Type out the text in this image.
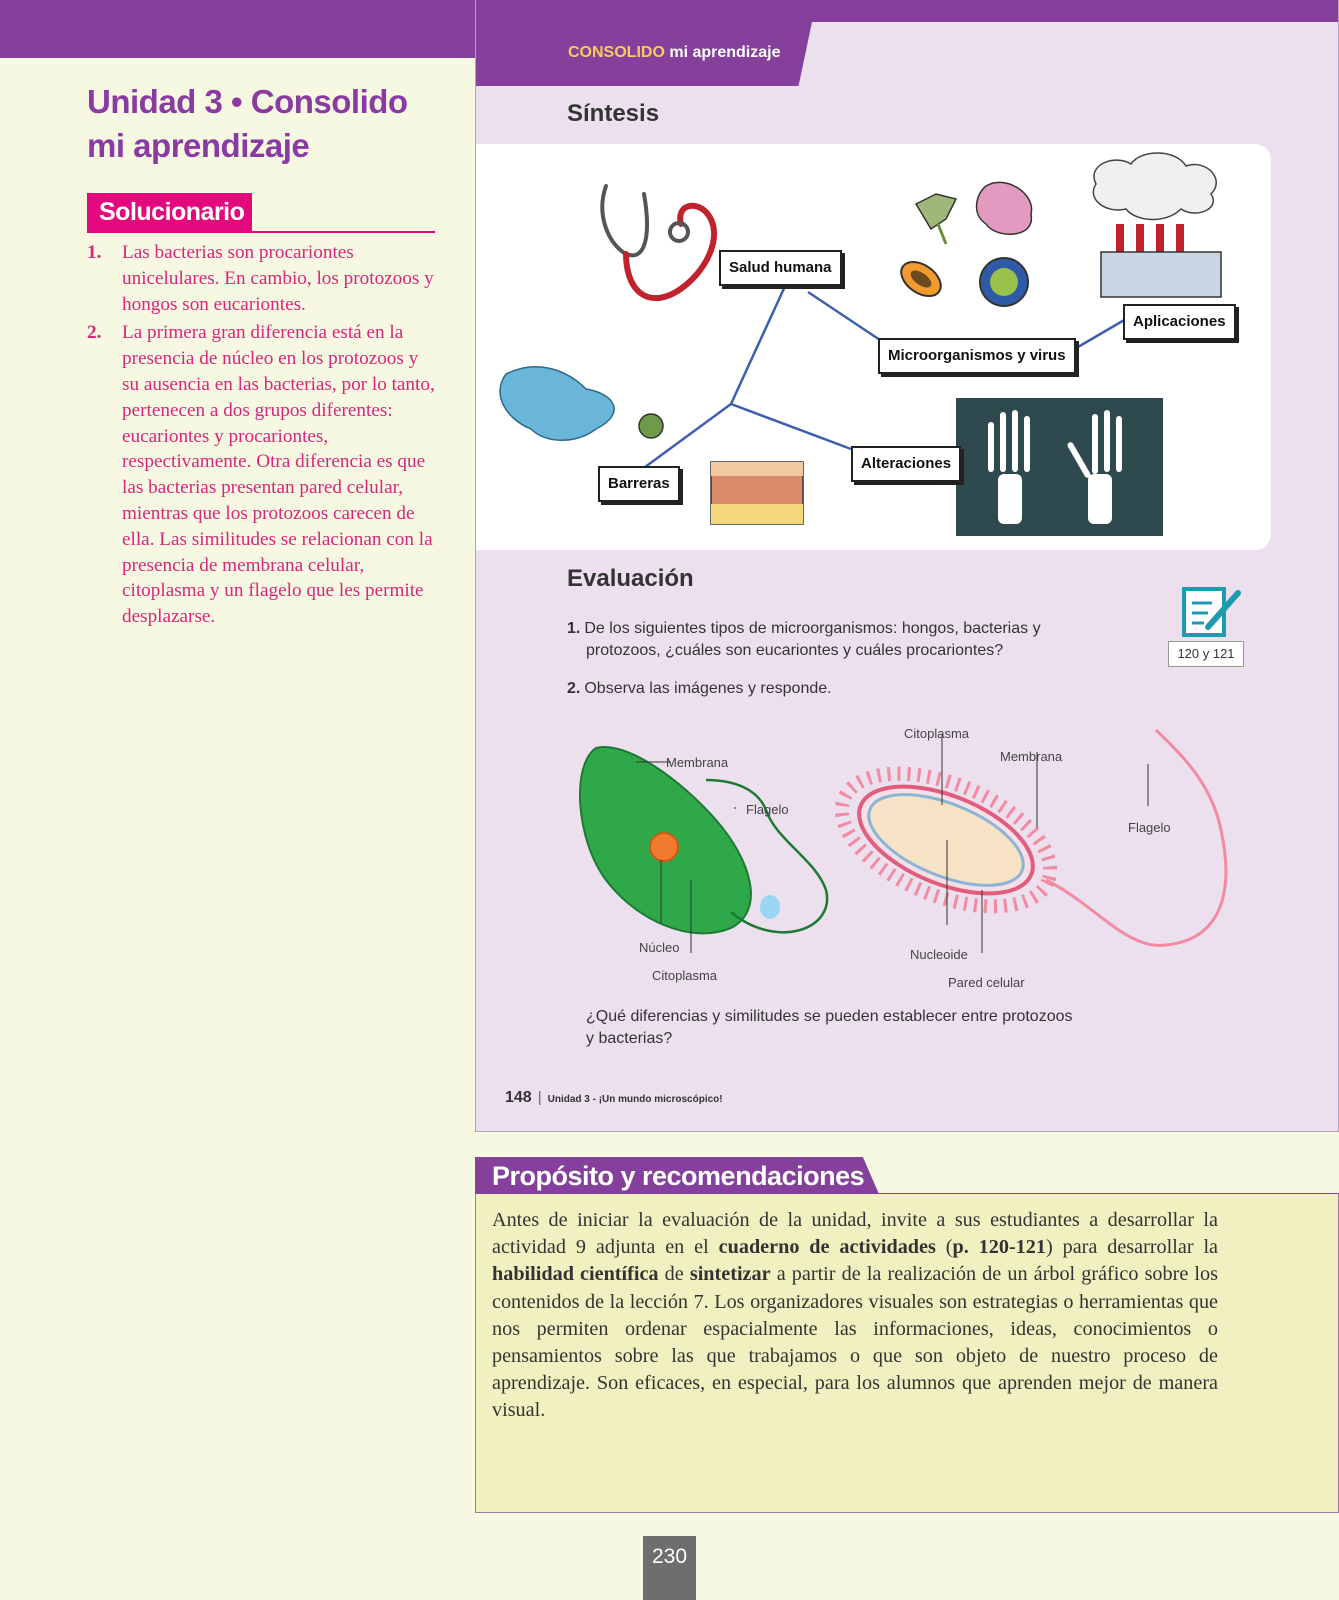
Unidad 3 • Consolido
mi aprendizaje
Solucionario
1. Las bacterias son procariontes unicelulares. En cambio, los protozoos y hongos son eucariontes.
2. La primera gran diferencia está en la presencia de núcleo en los protozoos y su ausencia en las bacterias, por lo tanto, pertenecen a dos grupos diferentes: eucariontes y procariontes, respectivamente. Otra diferencia es que las bacterias presentan pared celular, mientras que los protozoos carecen de ella. Las similitudes se relacionan con la presencia de membrana celular, citoplasma y un flagelo que les permite desplazarse.
CONSOLIDO mi aprendizaje
Síntesis
Salud humana
Microorganismos y virus
Aplicaciones
Barreras
Alteraciones
Evaluación
1. De los siguientes tipos de microorganismos: hongos, bacterias y
protozoos, ¿cuáles son eucariontes y cuáles procariontes?
2. Observa las imágenes y responde.
120 y 121
Membrana
Flagelo
Núcleo
Citoplasma
Citoplasma
Membrana
Flagelo
Nucleoide
Pared celular
¿Qué diferencias y similitudes se pueden establecer entre protozoos
y bacterias?
148 | Unidad 3 - ¡Un mundo microscópico!
Propósito y recomendaciones
Antes de iniciar la evaluación de la unidad, invite a sus estudiantes a desarrollar la actividad 9 adjunta en el cuaderno de actividades (p. 120-121) para desarrollar la habilidad científica de sintetizar a partir de la realización de un árbol gráfico sobre los contenidos de la lección 7. Los organizadores visuales son estrategias o herramientas que nos permiten ordenar espacialmente las informaciones, ideas, conocimientos o pensamientos sobre las que trabajamos o que son objeto de nuestro proceso de aprendizaje. Son eficaces, en especial, para los alumnos que aprenden mejor de manera visual.
230
